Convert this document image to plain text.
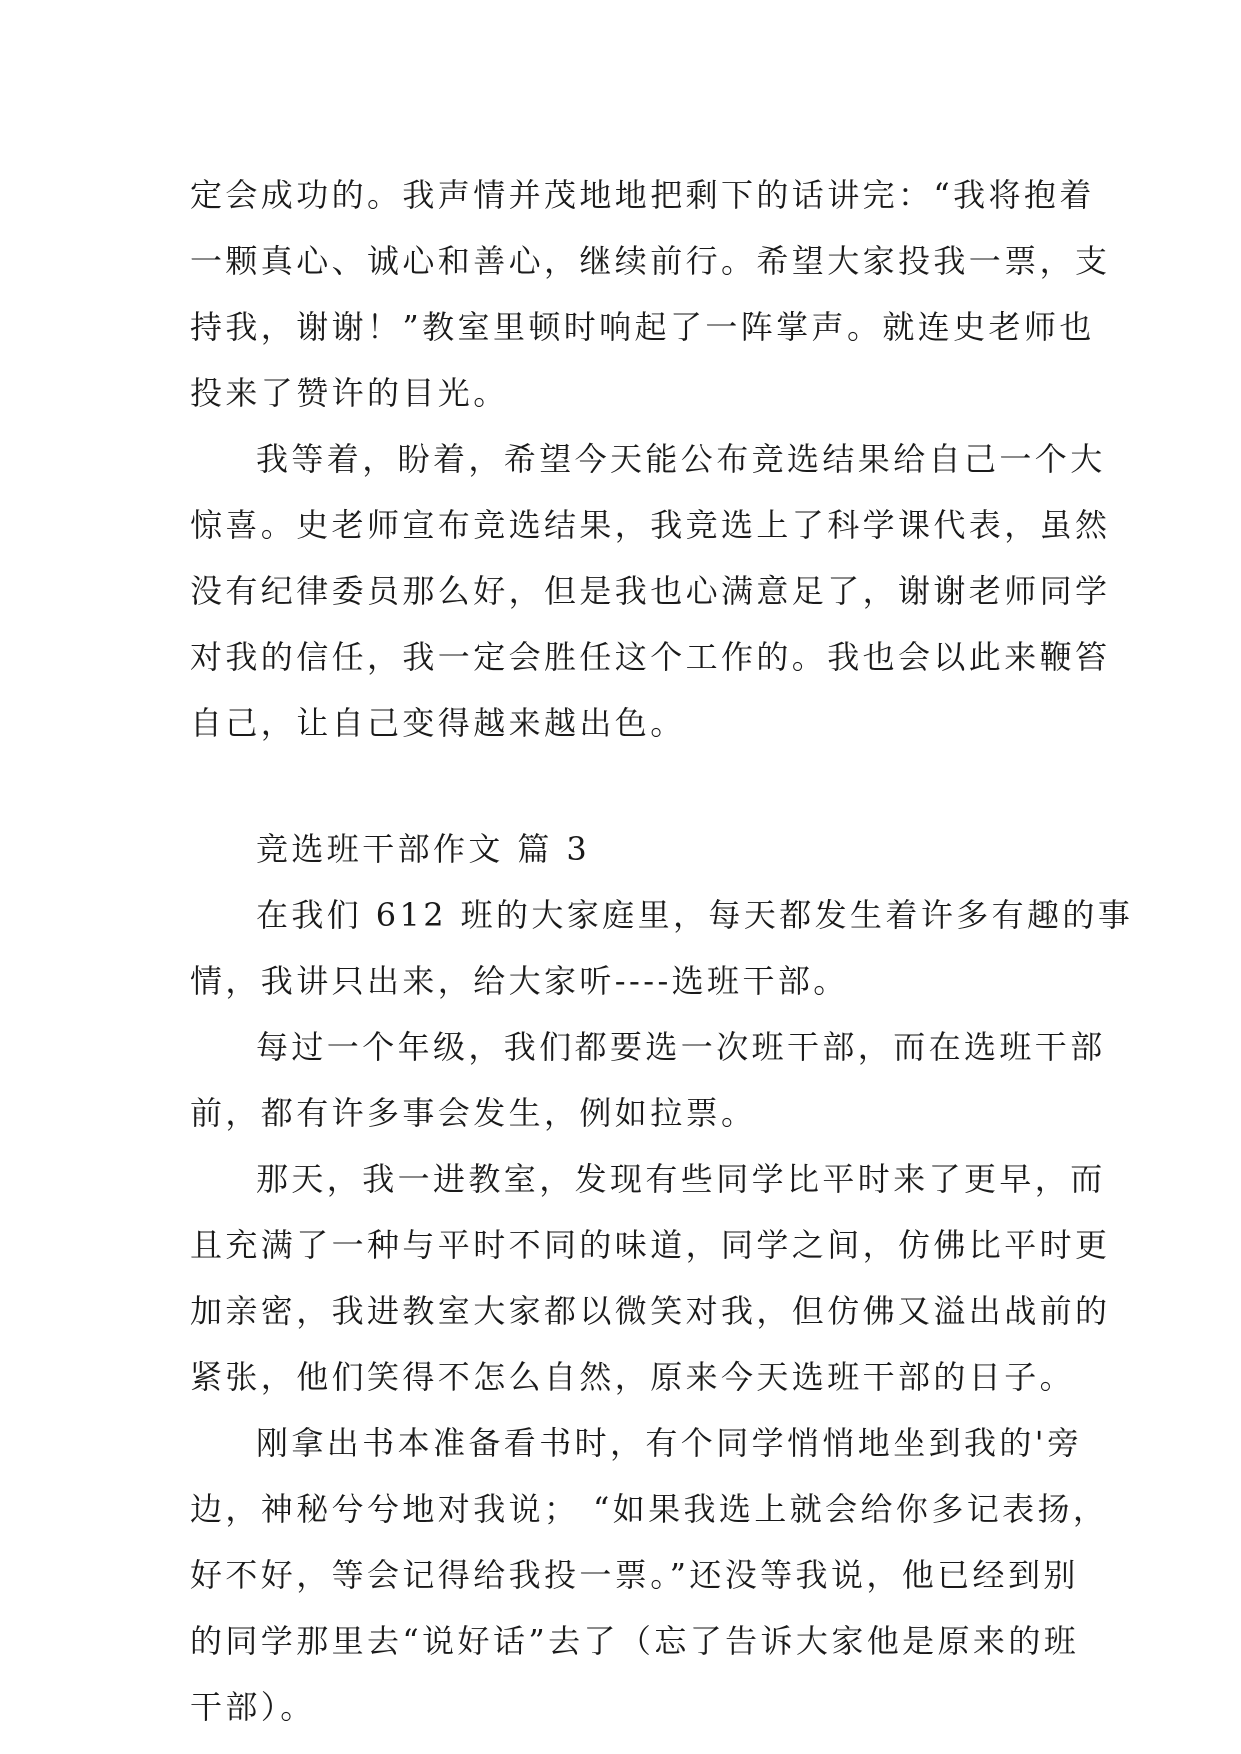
定会成功的。我声情并茂地地把剩下的话讲完：“我将抱着
一颗真心、诚心和善心，继续前行。希望大家投我一票，支
持我，谢谢！”教室里顿时响起了一阵掌声。就连史老师也
投来了赞许的目光。
我等着，盼着，希望今天能公布竞选结果给自己一个大
惊喜。史老师宣布竞选结果，我竞选上了科学课代表，虽然
没有纪律委员那么好，但是我也心满意足了，谢谢老师同学
对我的信任，我一定会胜任这个工作的。我也会以此来鞭笞
自己，让自己变得越来越出色。
竞选班干部作文 篇 3
在我们 612 班的大家庭里，每天都发生着许多有趣的事
情，我讲只出来，给大家听----选班干部。
每过一个年级，我们都要选一次班干部，而在选班干部
前，都有许多事会发生，例如拉票。
那天，我一进教室，发现有些同学比平时来了更早，而
且充满了一种与平时不同的味道，同学之间，仿佛比平时更
加亲密，我进教室大家都以微笑对我，但仿佛又溢出战前的
紧张，他们笑得不怎么自然，原来今天选班干部的日子。
刚拿出书本准备看书时，有个同学悄悄地坐到我的'旁
边，神秘兮兮地对我说； “如果我选上就会给你多记表扬，
好不好，等会记得给我投一票。”还没等我说，他已经到别
的同学那里去“说好话”去了（忘了告诉大家他是原来的班
干部）。
